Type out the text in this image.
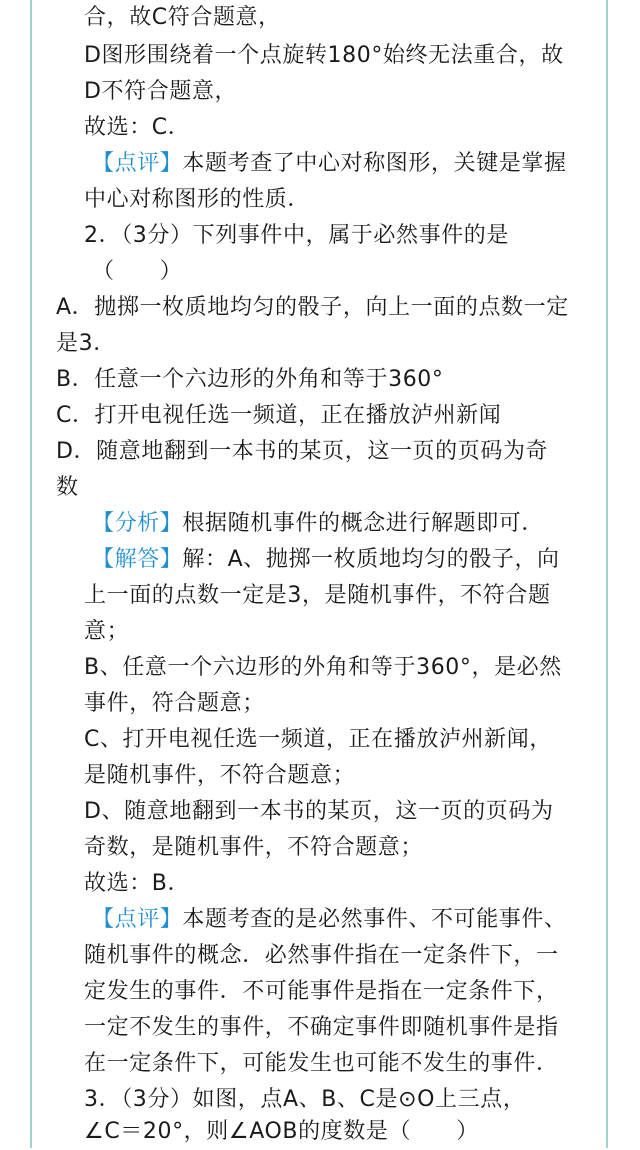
合，故C符合题意，
D图形围绕着一个点旋转180°始终无法重合，故
D不符合题意，
故选：C．
【点评】本题考查了中心对称图形，关键是掌握
中心对称图形的性质．
2．（3分）下列事件中，属于必然事件的是
（　　）
A．抛掷一枚质地均匀的骰子，向上一面的点数一定
是3．
B．任意一个六边形的外角和等于360°
C．打开电视任选一频道，正在播放泸州新闻
D．随意地翻到一本书的某页，这一页的页码为奇
数
【分析】根据随机事件的概念进行解题即可．
【解答】解：A、抛掷一枚质地均匀的骰子，向
上一面的点数一定是3，是随机事件，不符合题
意；
B、任意一个六边形的外角和等于360°，是必然
事件，符合题意；
C、打开电视任选一频道，正在播放泸州新闻，
是随机事件，不符合题意；
D、随意地翻到一本书的某页，这一页的页码为
奇数，是随机事件，不符合题意；
故选：B．
【点评】本题考查的是必然事件、不可能事件、
随机事件的概念．必然事件指在一定条件下，一
定发生的事件．不可能事件是指在一定条件下，
一定不发生的事件，不确定事件即随机事件是指
在一定条件下，可能发生也可能不发生的事件．
3．（3分）如图，点A、B、C是⊙O上三点，
∠C＝20°，则∠AOB的度数是（　　）
